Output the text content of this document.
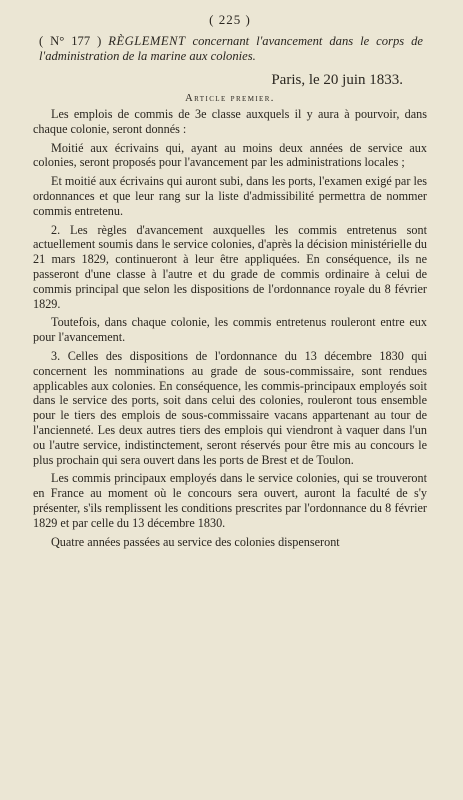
( 225 )
( N° 177 ) RÈGLEMENT concernant l'avancement dans le corps de l'administration de la marine aux colonies.
Paris, le 20 juin 1833.
Article premier.

Les emplois de commis de 3e classe auxquels il y aura à pourvoir, dans chaque colonie, seront donnés :

Moitié aux écrivains qui, ayant au moins deux années de service aux colonies, seront proposés pour l'avancement par les administrations locales ;

Et moitié aux écrivains qui auront subi, dans les ports, l'examen exigé par les ordonnances et que leur rang sur la liste d'admissibilité permettra de nommer commis entretenu.

2. Les règles d'avancement auxquelles les commis entretenus sont actuellement soumis dans le service colonies, d'après la décision ministérielle du 21 mars 1829, continueront à leur être appliquées. En conséquence, ils ne passeront d'une classe à l'autre et du grade de commis ordinaire à celui de commis principal que selon les dispositions de l'ordonnance royale du 8 février 1829.

Toutefois, dans chaque colonie, les commis entretenus rouleront entre eux pour l'avancement.

3. Celles des dispositions de l'ordonnance du 13 décembre 1830 qui concernent les nomminations au grade de sous-commissaire, sont rendues applicables aux colonies. En conséquence, les commis-principaux employés soit dans le service des ports, soit dans celui des colonies, rouleront tous ensemble pour le tiers des emplois de sous-commissaire vacans appartenant au tour de l'ancienneté. Les deux autres tiers des emplois qui viendront à vaquer dans l'un ou l'autre service, indistinctement, seront réservés pour être mis au concours le plus prochain qui sera ouvert dans les ports de Brest et de Toulon.

Les commis principaux employés dans le service colonies, qui se trouveront en France au moment où le concours sera ouvert, auront la faculté de s'y présenter, s'ils remplissent les conditions prescrites par l'ordonnance du 8 février 1829 et par celle du 13 décembre 1830.

Quatre années passées au service des colonies dispenseront
